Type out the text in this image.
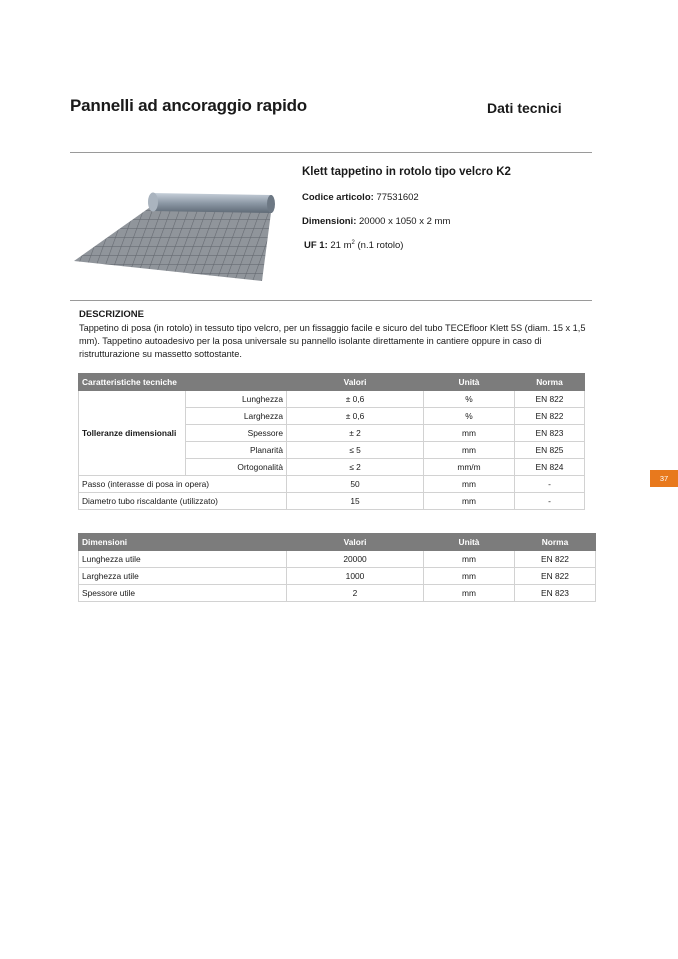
Pannelli ad ancoraggio rapido	Dati tecnici
Klett tappetino in rotolo tipo velcro K2
Codice articolo: 77531602
Dimensioni: 20000 x 1050 x 2 mm
UF 1: 21 $m^2$ (n.1 rotolo)
DESCRIZIONE
Tappetino di posa (in rotolo) in tessuto tipo velcro, per un fissaggio facile e sicuro del tubo TECEfloor Klett 5S (diam. 15 x 1,5 mm). Tappetino autoadesivo per la posa universale su pannello isolante direttamente in cantiere oppure in caso di ristrutturazione su massetto sottostante.
Caratteristiche tecniche		Valori	Unità	Norma
Tolleranze dimensionali	Lunghezza	± 0,6	%	EN 822
	Larghezza	± 0,6	%	EN 822
	Spessore	± 2	mm	EN 823
	Planarità	≤ 5	mm	EN 825
	Ortogonalità	≤ 2	mm/m	EN 824
Passo (interasse di posa in opera)		50	mm	-
Diametro tubo riscaldante (utilizzato)		15	mm	-
Dimensioni	Valori	Unità	Norma
Lunghezza utile	20000	mm	EN 822
Larghezza utile	1000	mm	EN 822
Spessore utile	2	mm	EN 823
37
